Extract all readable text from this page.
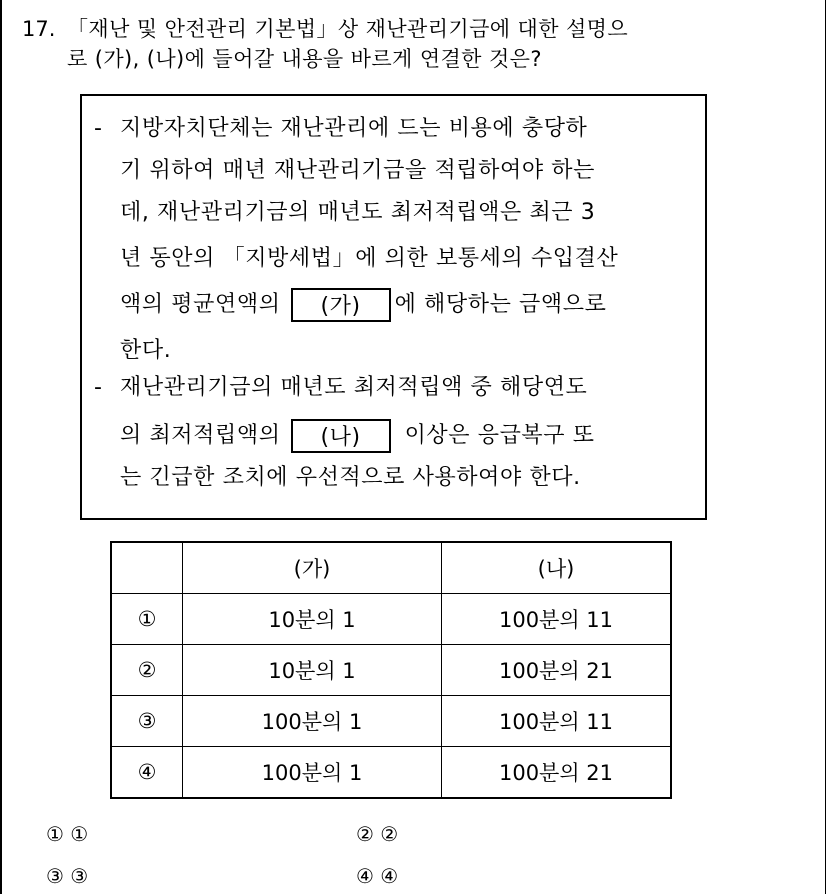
17. 「재난 및 안전관리 기본법」상 재난관리기금에 대한 설명으
로 (가), (나)에 들어갈 내용을 바르게 연결한 것은?
- 지방자치단체는 재난관리에 드는 비용에 충당하
기 위하여 매년 재난관리기금을 적립하여야 하는
데, 재난관리기금의 매년도 최저적립액은 최근 3
년 동안의 「지방세법」에 의한 보통세의 수입결산
액의 평균연액의 (가) 에 해당하는 금액으로
한다.
- 재난관리기금의 매년도 최저적립액 중 해당연도
의 최저적립액의 (나) 이상은 응급복구 또
는 긴급한 조치에 우선적으로 사용하여야 한다.
	(가)	(나)
①	10분의 1	100분의 11
②	10분의 1	100분의 21
③	100분의 1	100분의 11
④	100분의 1	100분의 21
① ①	② ②
③ ③	④ ④
